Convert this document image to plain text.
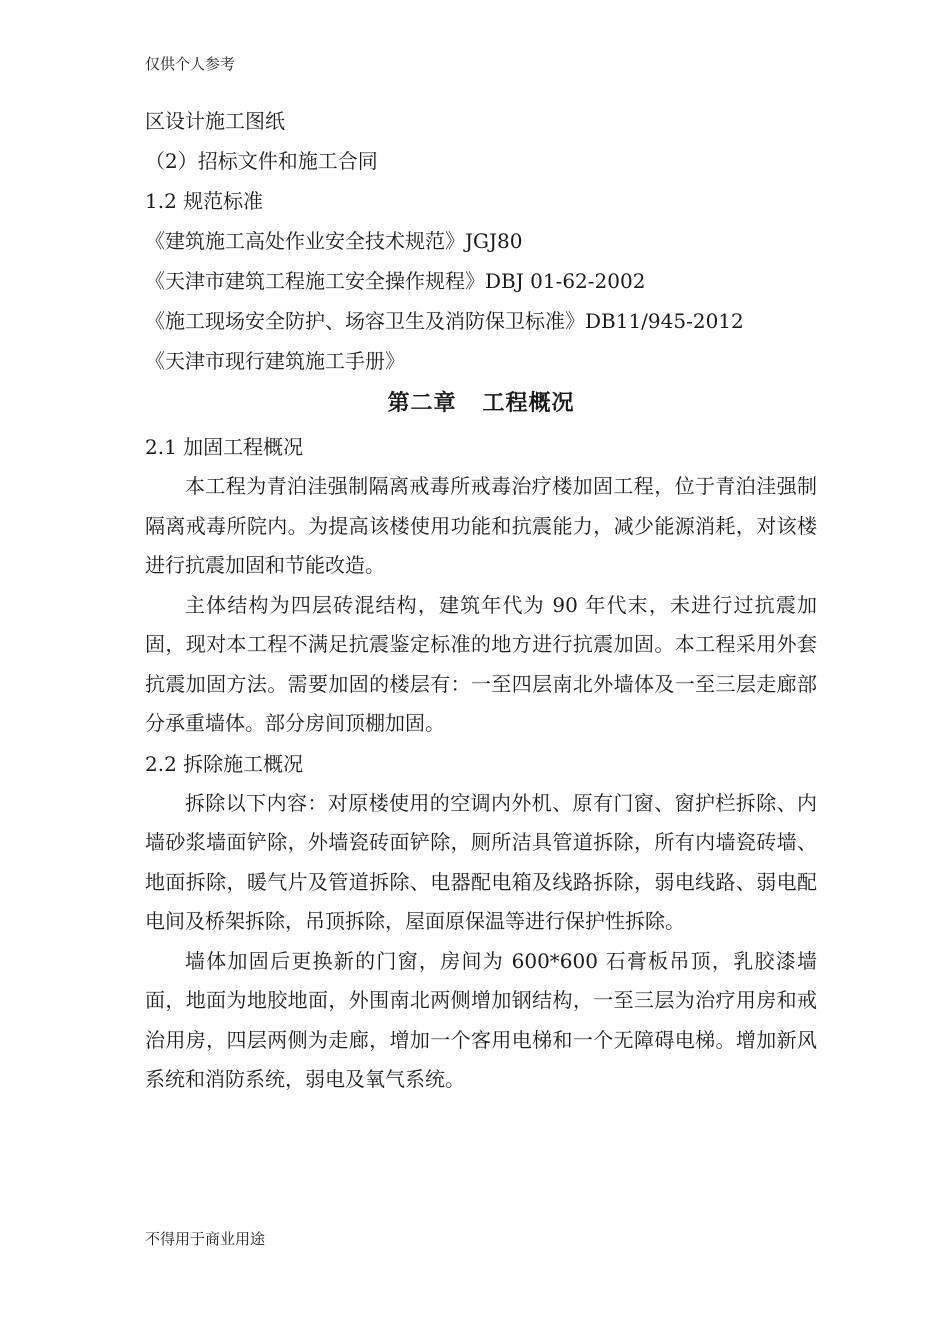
仅供个人参考
区设计施工图纸
（2）招标文件和施工合同
1.2 规范标准
《建筑施工高处作业安全技术规范》JGJ80
《天津市建筑工程施工安全操作规程》DBJ 01-62-2002
《施工现场安全防护、场容卫生及消防保卫标准》DB11/945-2012
《天津市现行建筑施工手册》
第二章   工程概况
2.1 加固工程概况

本工程为青泊洼强制隔离戒毒所戒毒治疗楼加固工程，位于青泊洼强制隔离戒毒所院内。为提高该楼使用功能和抗震能力，减少能源消耗，对该楼进行抗震加固和节能改造。

主体结构为四层砖混结构，建筑年代为 90 年代末，未进行过抗震加固，现对本工程不满足抗震鉴定标准的地方进行抗震加固。本工程采用外套抗震加固方法。需要加固的楼层有：一至四层南北外墙体及一至三层走廊部分承重墙体。部分房间顶棚加固。

2.2 拆除施工概况

拆除以下内容：对原楼使用的空调内外机、原有门窗、窗护栏拆除、内墙砂浆墙面铲除，外墙瓷砖面铲除，厕所洁具管道拆除，所有内墙瓷砖墙、地面拆除，暖气片及管道拆除、电器配电箱及线路拆除，弱电线路、弱电配电间及桥架拆除，吊顶拆除，屋面原保温等进行保护性拆除。

墙体加固后更换新的门窗，房间为 600*600 石膏板吊顶，乳胶漆墙面，地面为地胶地面，外围南北两侧增加钢结构，一至三层为治疗用房和戒治用房，四层两侧为走廊，增加一个客用电梯和一个无障碍电梯。增加新风系统和消防系统，弱电及氧气系统。

不得用于商业用途
